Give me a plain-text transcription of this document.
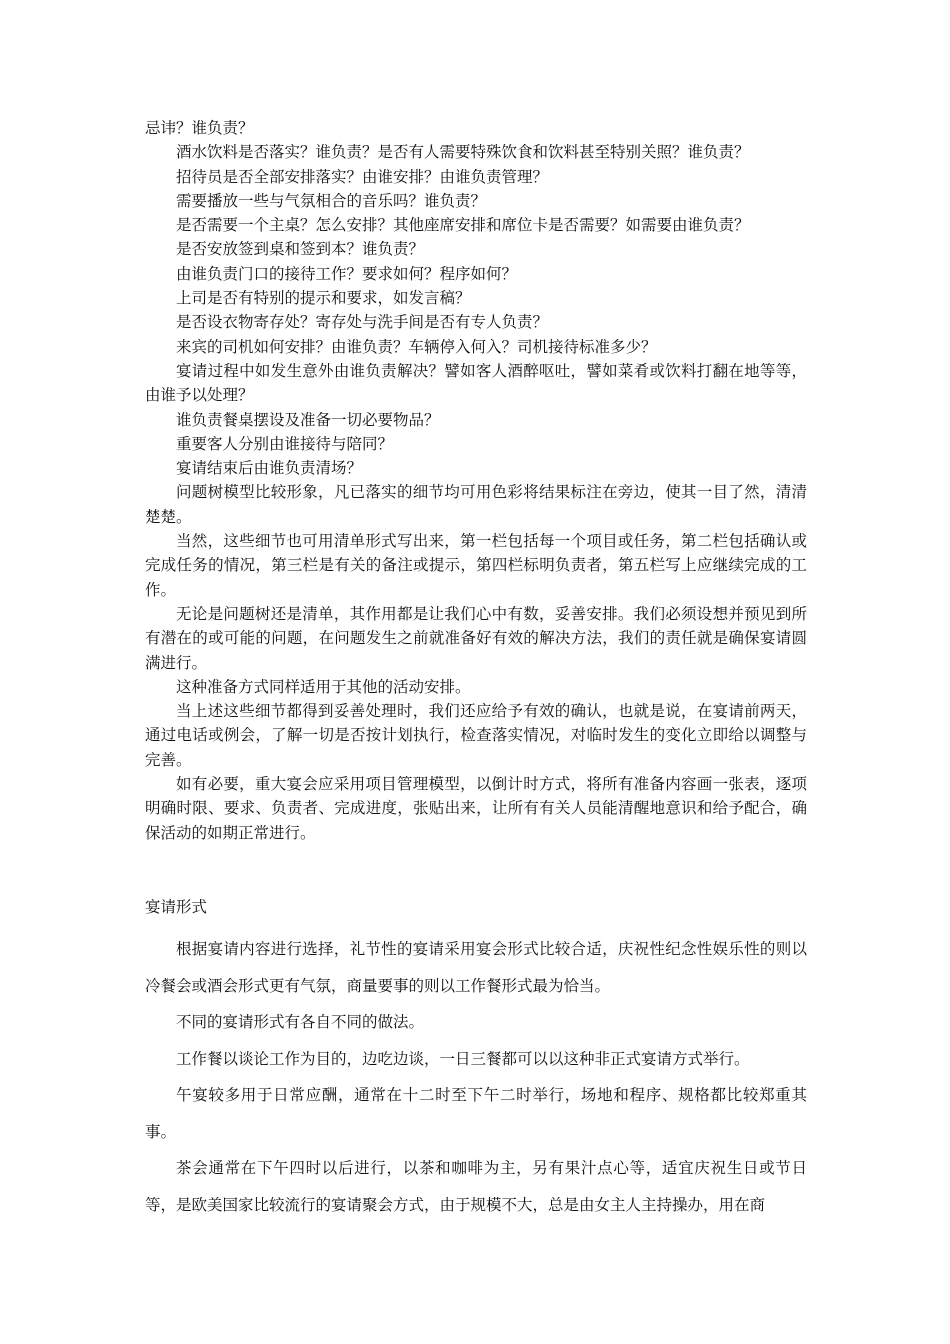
忌讳？谁负责？

酒水饮料是否落实？谁负责？是否有人需要特殊饮食和饮料甚至特别关照？谁负责？

招待员是否全部安排落实？由谁安排？由谁负责管理？

需要播放一些与气氛相合的音乐吗？谁负责？

是否需要一个主桌？怎么安排？其他座席安排和席位卡是否需要？如需要由谁负责？

是否安放签到桌和签到本？谁负责？

由谁负责门口的接待工作？要求如何？程序如何？

上司是否有特别的提示和要求，如发言稿？

是否设衣物寄存处？寄存处与洗手间是否有专人负责？

来宾的司机如何安排？由谁负责？车辆停入何入？司机接待标准多少？

宴请过程中如发生意外由谁负责解决？譬如客人酒醉呕吐，譬如菜肴或饮料打翻在地等等，由谁予以处理？

谁负责餐桌摆设及准备一切必要物品？

重要客人分别由谁接待与陪同？

宴请结束后由谁负责清场？

问题树模型比较形象，凡已落实的细节均可用色彩将结果标注在旁边，使其一目了然，清清楚楚。

当然，这些细节也可用清单形式写出来，第一栏包括每一个项目或任务，第二栏包括确认或完成任务的情况，第三栏是有关的备注或提示，第四栏标明负责者，第五栏写上应继续完成的工作。

无论是问题树还是清单，其作用都是让我们心中有数，妥善安排。我们必须设想并预见到所有潜在的或可能的问题，在问题发生之前就准备好有效的解决方法，我们的责任就是确保宴请圆满进行。

这种准备方式同样适用于其他的活动安排。

当上述这些细节都得到妥善处理时，我们还应给予有效的确认，也就是说，在宴请前两天，通过电话或例会，了解一切是否按计划执行，检查落实情况，对临时发生的变化立即给以调整与完善。

如有必要，重大宴会应采用项目管理模型，以倒计时方式，将所有准备内容画一张表，逐项明确时限、要求、负责者、完成进度，张贴出来，让所有有关人员能清醒地意识和给予配合，确保活动的如期正常进行。

宴请形式

根据宴请内容进行选择，礼节性的宴请采用宴会形式比较合适，庆祝性纪念性娱乐性的则以冷餐会或酒会形式更有气氛，商量要事的则以工作餐形式最为恰当。

不同的宴请形式有各自不同的做法。

工作餐以谈论工作为目的，边吃边谈，一日三餐都可以以这种非正式宴请方式举行。

午宴较多用于日常应酬，通常在十二时至下午二时举行，场地和程序、规格都比较郑重其事。

茶会通常在下午四时以后进行，以茶和咖啡为主，另有果汁点心等，适宜庆祝生日或节日等，是欧美国家比较流行的宴请聚会方式，由于规模不大，总是由女主人主持操办，用在商
